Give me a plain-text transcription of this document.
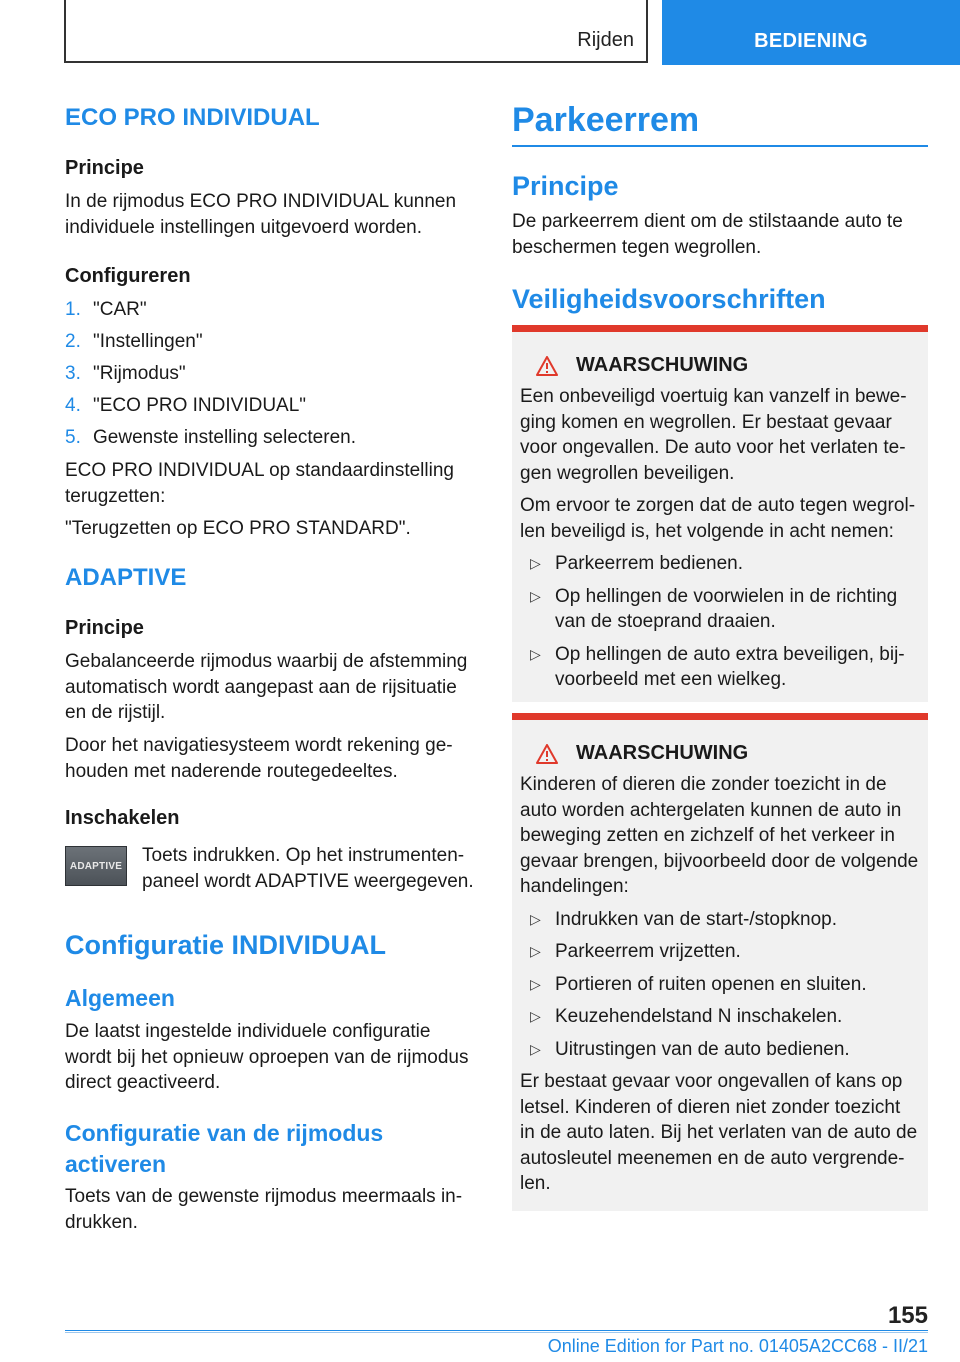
Rijden	BEDIENING
ECO PRO INDIVIDUAL
Principe

In de rijmodus ECO PRO INDIVIDUAL kunnen individuele instellingen uitgevoerd worden.

Configureren
1. "CAR"
2. "Instellingen"
3. "Rijmodus"
4. "ECO PRO INDIVIDUAL"
5. Gewenste instelling selecteren.

ECO PRO INDIVIDUAL op standaardinstelling terugzetten:

"Terugzetten op ECO PRO STANDARD".

ADAPTIVE
Principe

Gebalanceerde rijmodus waarbij de afstemming automatisch wordt aangepast aan de rijsituatie en de rijstijl.

Door het navigatiesysteem wordt rekening gehouden met naderende routegedeeltes.

Inschakelen
ADAPTIVE Toets indrukken. Op het instrumentenpaneel wordt ADAPTIVE weergegeven.

Configuratie INDIVIDUAL
Algemeen

De laatst ingestelde individuele configuratie wordt bij het opnieuw oproepen van de rijmodus direct geactiveerd.

Configuratie van de rijmodus activeren

Toets van de gewenste rijmodus meermaals indrukken.

Parkeerrem
Principe

De parkeerrem dient om de stilstaande auto te beschermen tegen wegrollen.

Veiligheidsvoorschriften
WAARSCHUWING

Een onbeveiligd voertuig kan vanzelf in beweging komen en wegrollen. Er bestaat gevaar voor ongevallen. De auto voor het verlaten tegen wegrollen beveiligen.

Om ervoor te zorgen dat de auto tegen wegrollen beveiligd is, het volgende in acht nemen:

▷ Parkeerrem bedienen.
▷ Op hellingen de voorwielen in de richting van de stoeprand draaien.
▷ Op hellingen de auto extra beveiligen, bijvoorbeeld met een wielkeg.
WAARSCHUWING

Kinderen of dieren die zonder toezicht in de auto worden achtergelaten kunnen de auto in beweging zetten en zichzelf of het verkeer in gevaar brengen, bijvoorbeeld door de volgende handelingen:

▷ Indrukken van de start-/stopknop.
▷ Parkeerrem vrijzetten.
▷ Portieren of ruiten openen en sluiten.
▷ Keuzehendelstand N inschakelen.
▷ Uitrustingen van de auto bedienen.

Er bestaat gevaar voor ongevallen of kans op letsel. Kinderen of dieren niet zonder toezicht in de auto laten. Bij het verlaten van de auto de autosleutel meenemen en de auto vergrendelen.

155
Online Edition for Part no. 01405A2CC68 - II/21
